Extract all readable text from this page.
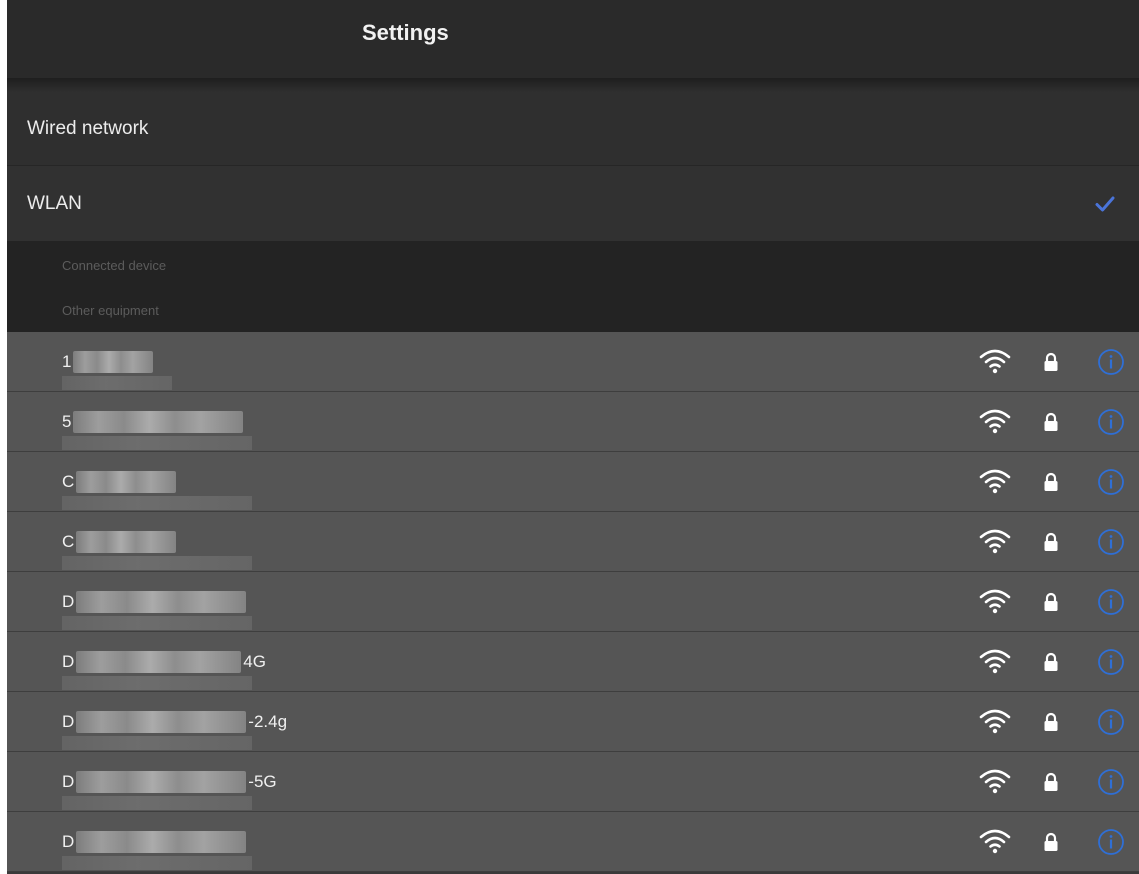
Settings
Wired network
WLAN
Connected device
Other equipment
1
5
C
C
D
D	4G
D	-2.4g
D	-5G
D
